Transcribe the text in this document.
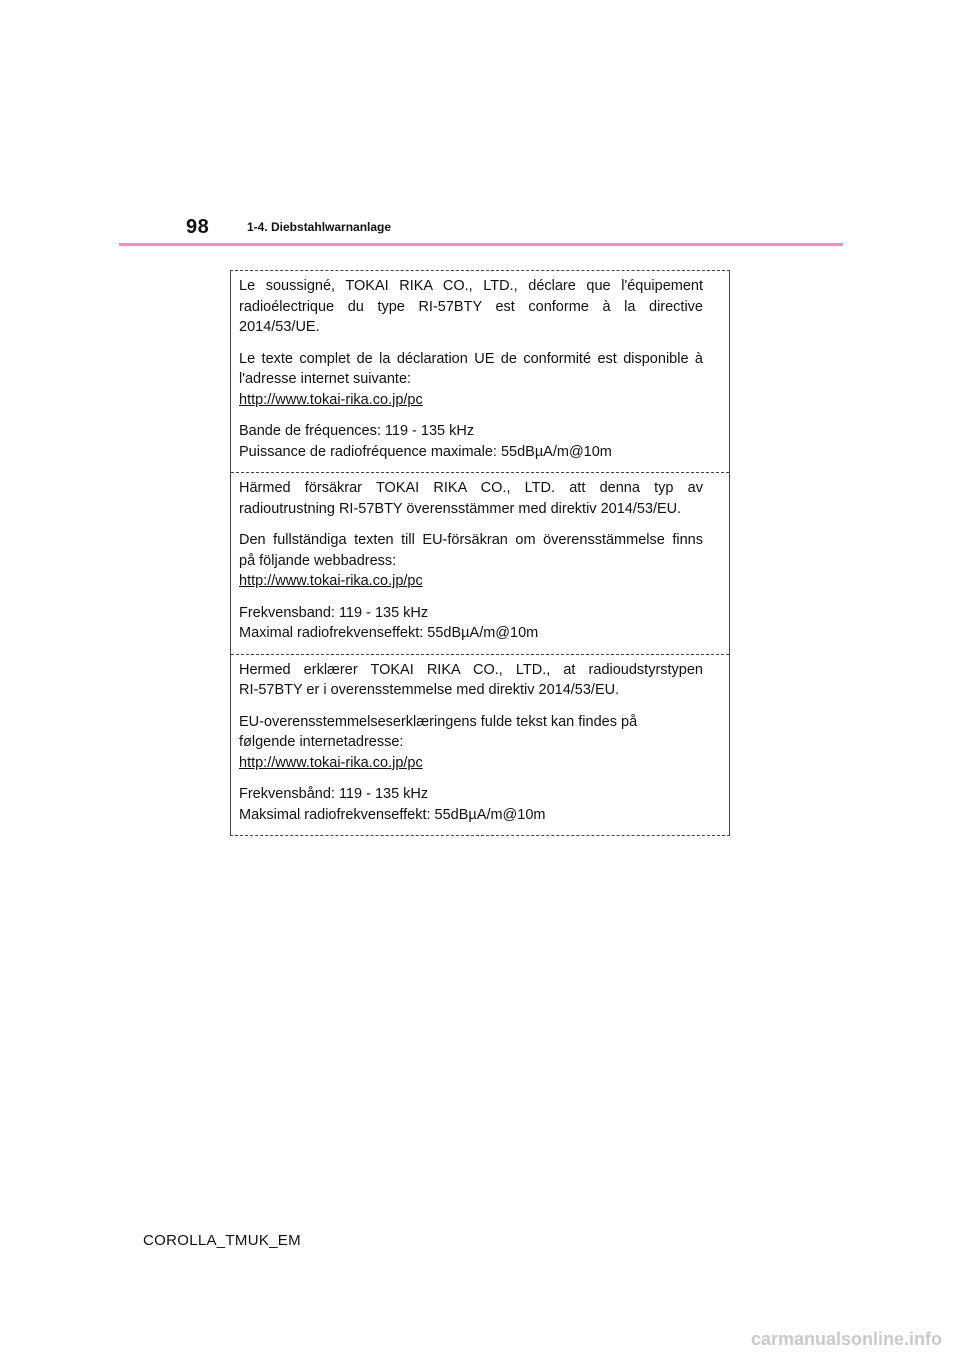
98	1-4. Diebstahlwarnanlage
Le soussigné, TOKAI RIKA CO., LTD., déclare que l'équipement
radioélectrique du type RI-57BTY est conforme à la directive
2014/53/UE.
Le texte complet de la déclaration UE de conformité est disponible à
l'adresse internet suivante:
http://www.tokai-rika.co.jp/pc
Bande de fréquences: 119 - 135 kHz
Puissance de radiofréquence maximale: 55dBµA/m@10m
Härmed försäkrar TOKAI RIKA CO., LTD. att denna typ av
radioutrustning RI-57BTY överensstämmer med direktiv 2014/53/EU.
Den fullständiga texten till EU-försäkran om överensstämmelse finns
på följande webbadress:
http://www.tokai-rika.co.jp/pc
Frekvensband: 119 - 135 kHz
Maximal radiofrekvenseffekt: 55dBµA/m@10m
Hermed erklærer TOKAI RIKA CO., LTD., at radioudstyrstypen
RI-57BTY er i overensstemmelse med direktiv 2014/53/EU.
EU-overensstemmelseserklæringens fulde tekst kan findes på
følgende internetadresse:
http://www.tokai-rika.co.jp/pc
Frekvensbånd: 119 - 135 kHz
Maksimal radiofrekvenseffekt: 55dBµA/m@10m
COROLLA_TMUK_EM
carmanualsonline.info
